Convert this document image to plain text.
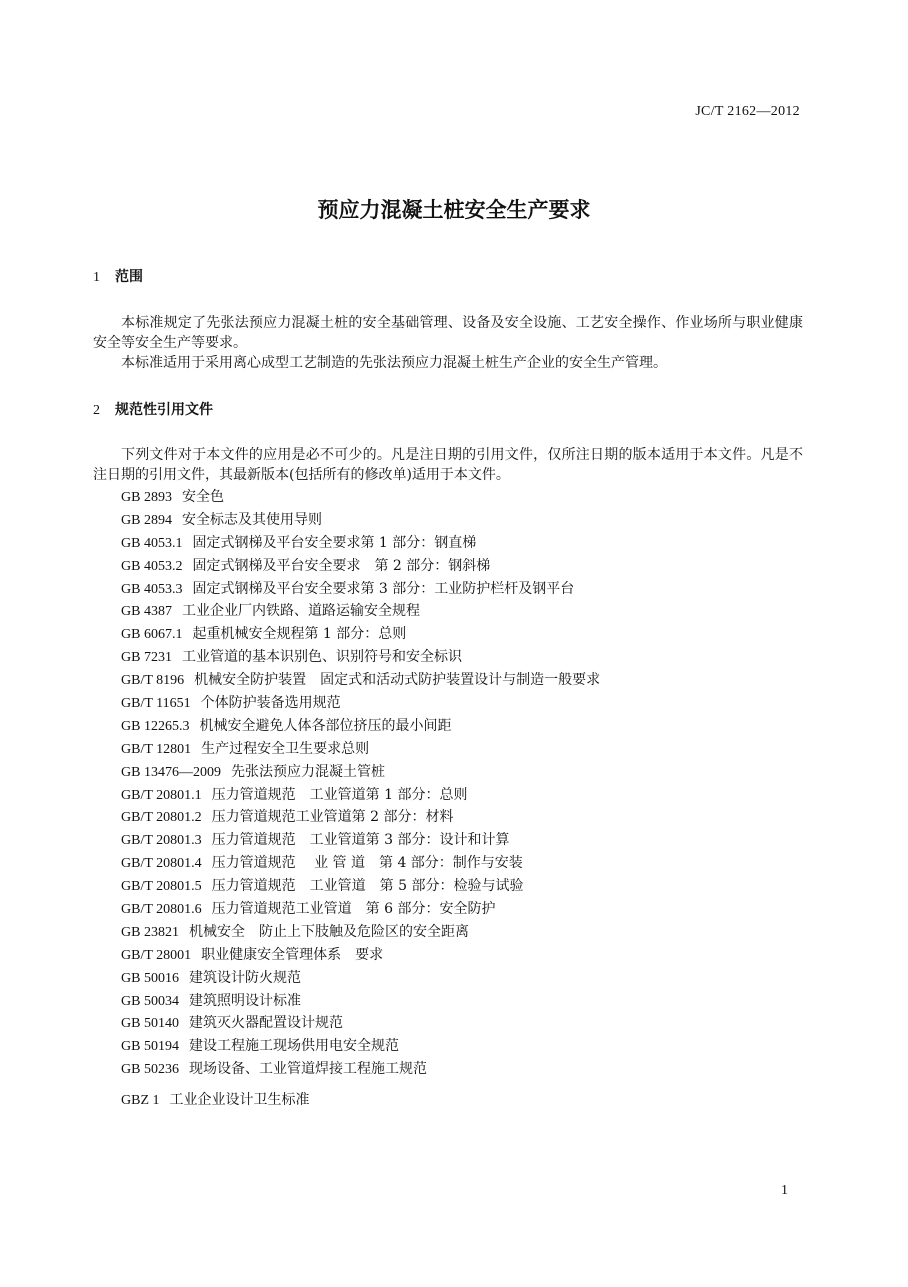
JC/T 2162—2012
预应力混凝土桩安全生产要求
1 范围

本标准规定了先张法预应力混凝土桩的安全基础管理、设备及安全设施、工艺安全操作、作业场所与职业健康安全等安全生产等要求。

本标准适用于采用离心成型工艺制造的先张法预应力混凝土桩生产企业的安全生产管理。

2 规范性引用文件

下列文件对于本文件的应用是必不可少的。凡是注日期的引用文件，仅所注日期的版本适用于本文件。凡是不注日期的引用文件，其最新版本(包括所有的修改单)适用于本文件。

GB 2893 安全色
GB 2894 安全标志及其使用导则
GB 4053.1 固定式钢梯及平台安全要求第 1 部分：钢直梯
GB 4053.2 固定式钢梯及平台安全要求　第 2 部分：钢斜梯
GB 4053.3 固定式钢梯及平台安全要求第 3 部分：工业防护栏杆及钢平台
GB 4387 工业企业厂内铁路、道路运输安全规程
GB 6067.1 起重机械安全规程第 1 部分：总则
GB 7231 工业管道的基本识别色、识别符号和安全标识
GB/T 8196 机械安全防护装置　固定式和活动式防护装置设计与制造一般要求
GB/T 11651 个体防护装备选用规范
GB 12265.3 机械安全避免人体各部位挤压的最小间距
GB/T 12801 生产过程安全卫生要求总则
GB 13476—2009 先张法预应力混凝土管桩
GB/T 20801.1 压力管道规范　工业管道第 1 部分：总则
GB/T 20801.2 压力管道规范工业管道第 2 部分：材料
GB/T 20801.3 压力管道规范　工业管道第 3 部分：设计和计算
GB/T 20801.4 压力管道规范　 业 管 道　第 4 部分：制作与安装
GB/T 20801.5 压力管道规范　工业管道　第 5 部分：检验与试验
GB/T 20801.6 压力管道规范工业管道　第 6 部分：安全防护
GB 23821 机械安全　防止上下肢触及危险区的安全距离
GB/T 28001 职业健康安全管理体系　要求
GB 50016 建筑设计防火规范
GB 50034 建筑照明设计标准
GB 50140 建筑灭火器配置设计规范
GB 50194 建设工程施工现场供用电安全规范
GB 50236 现场设备、工业管道焊接工程施工规范
GBZ 1 工业企业设计卫生标准
1
